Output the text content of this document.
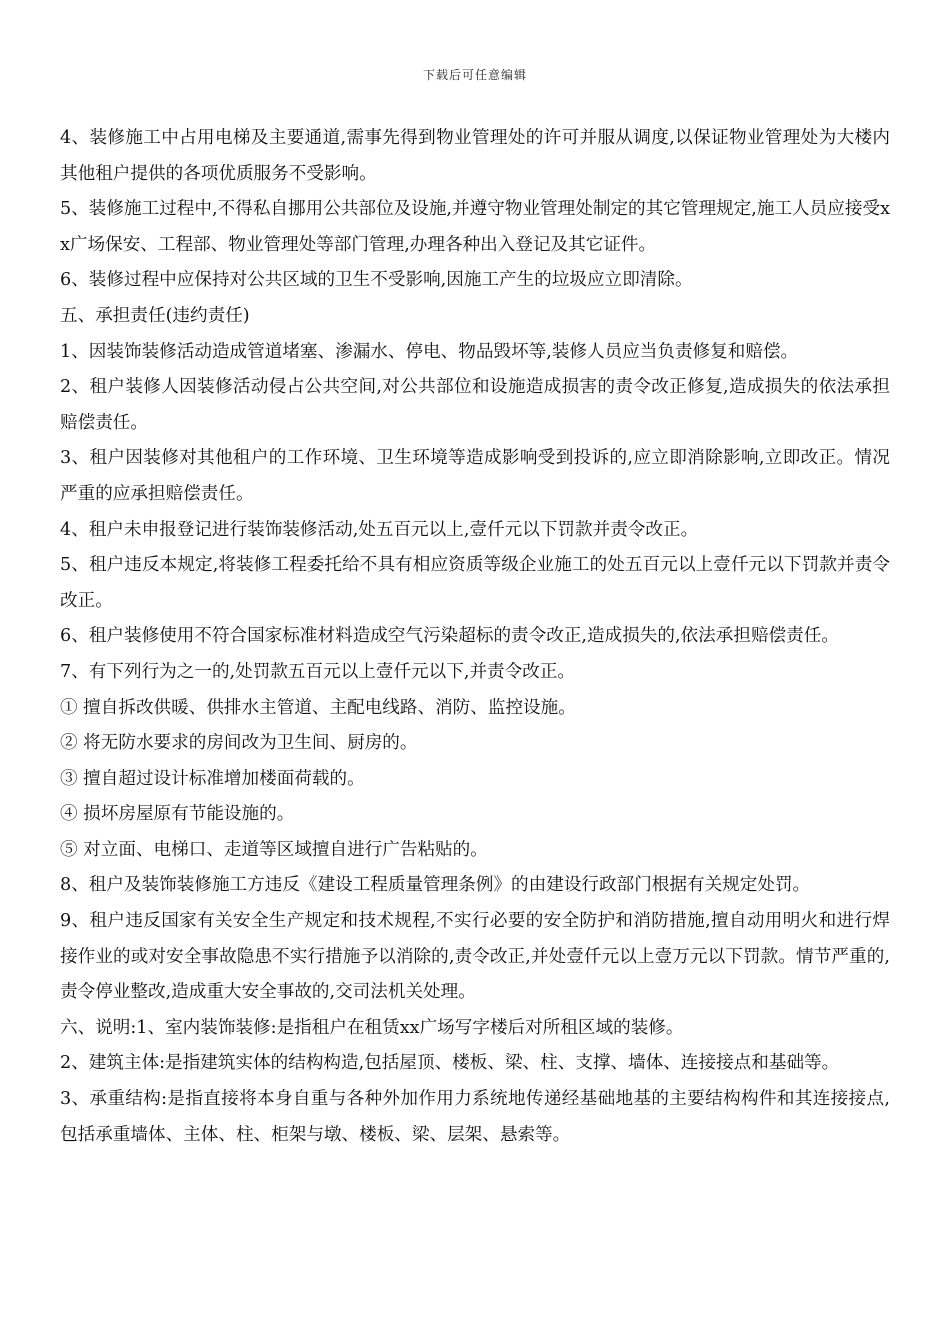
下载后可任意编辑

4、装修施工中占用电梯及主要通道,需事先得到物业管理处的许可并服从调度,以保证物业管理处为大楼内其他租户提供的各项优质服务不受影响。

5、装修施工过程中,不得私自挪用公共部位及设施,并遵守物业管理处制定的其它管理规定,施工人员应接受xx广场保安、工程部、物业管理处等部门管理,办理各种出入登记及其它证件。

6、装修过程中应保持对公共区域的卫生不受影响,因施工产生的垃圾应立即清除。

五、承担责任(违约责任)

1、因装饰装修活动造成管道堵塞、渗漏水、停电、物品毁坏等,装修人员应当负责修复和赔偿。

2、租户装修人因装修活动侵占公共空间,对公共部位和设施造成损害的责令改正修复,造成损失的依法承担赔偿责任。

3、租户因装修对其他租户的工作环境、卫生环境等造成影响受到投诉的,应立即消除影响,立即改正。情况严重的应承担赔偿责任。

4、租户未申报登记进行装饰装修活动,处五百元以上,壹仟元以下罚款并责令改正。

5、租户违反本规定,将装修工程委托给不具有相应资质等级企业施工的处五百元以上壹仟元以下罚款并责令改正。

6、租户装修使用不符合国家标准材料造成空气污染超标的责令改正,造成损失的,依法承担赔偿责任。

7、有下列行为之一的,处罚款五百元以上壹仟元以下,并责令改正。

① 擅自拆改供暖、供排水主管道、主配电线路、消防、监控设施。

② 将无防水要求的房间改为卫生间、厨房的。

③ 擅自超过设计标准增加楼面荷载的。

④ 损坏房屋原有节能设施的。

⑤ 对立面、电梯口、走道等区域擅自进行广告粘贴的。

8、租户及装饰装修施工方违反《建设工程质量管理条例》的由建设行政部门根据有关规定处罚。

9、租户违反国家有关安全生产规定和技术规程,不实行必要的安全防护和消防措施,擅自动用明火和进行焊接作业的或对安全事故隐患不实行措施予以消除的,责令改正,并处壹仟元以上壹万元以下罚款。情节严重的,责令停业整改,造成重大安全事故的,交司法机关处理。

六、说明:1、室内装饰装修:是指租户在租赁xx广场写字楼后对所租区域的装修。

2、建筑主体:是指建筑实体的结构构造,包括屋顶、楼板、梁、柱、支撑、墙体、连接接点和基础等。

3、承重结构:是指直接将本身自重与各种外加作用力系统地传递经基础地基的主要结构构件和其连接接点,包括承重墙体、主体、柱、柜架与墩、楼板、梁、层架、悬索等。
